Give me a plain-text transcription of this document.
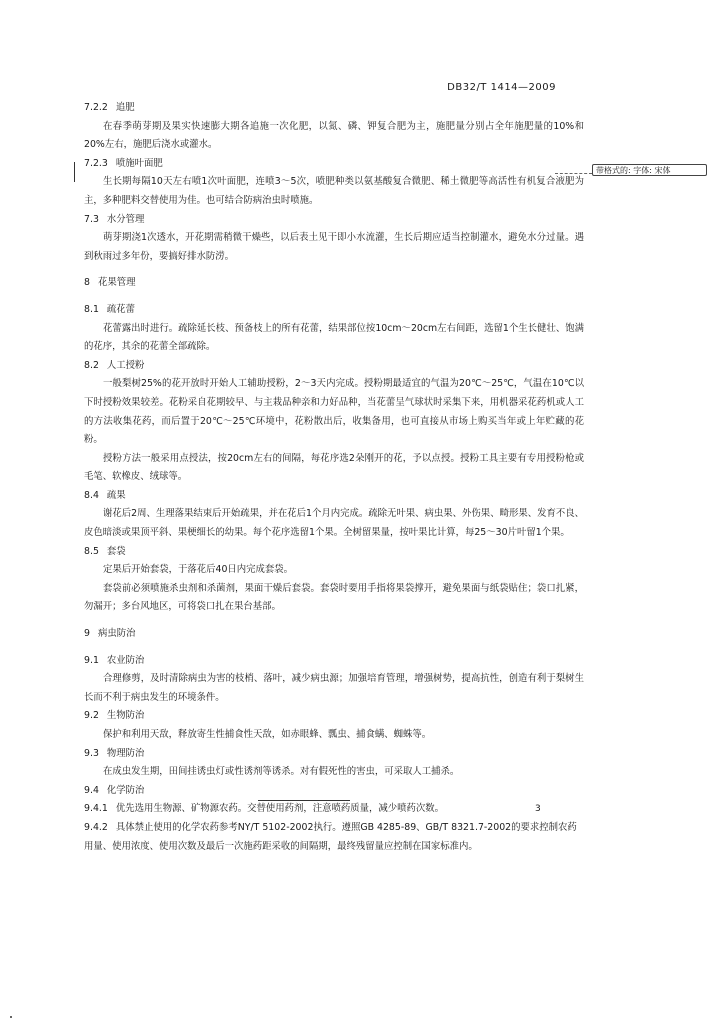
DB32/T 1414—2009
带格式的: 字体: 宋体
7.2.2 追肥
在春季萌芽期及果实快速膨大期各追施一次化肥，以氮、磷、钾复合肥为主，施肥量分别占全年施肥量的10%和20%左右，施肥后浇水或灌水。
7.2.3 喷施叶面肥
生长期每隔10天左右喷1次叶面肥，连喷3～5次，喷肥种类以氨基酸复合微肥、稀土微肥等高活性有机复合液肥为主，多种肥料交替使用为佳。也可结合防病治虫时喷施。
7.3 水分管理
萌芽期浇1次透水，开花期需稍微干燥些，以后表土见干即小水流灌，生长后期应适当控制灌水，避免水分过量。遇到秋雨过多年份，要搞好排水防涝。
8 花果管理
8.1 疏花蕾
花蕾露出时进行。疏除延长枝、预备枝上的所有花蕾，结果部位按10cm～20cm左右间距，选留1个生长健壮、饱满的花序，其余的花蕾全部疏除。
8.2 人工授粉
一般梨树25%的花开放时开始人工辅助授粉，2～3天内完成。授粉期最适宜的气温为20℃～25℃，气温在10℃以下时授粉效果较差。花粉采自花期较早、与主栽品种亲和力好品种，当花蕾呈气球状时采集下来，用机器采花药机或人工的方法收集花药，而后置于20℃～25℃环境中，花粉散出后，收集备用，也可直接从市场上购买当年或上年贮藏的花粉。
授粉方法一般采用点授法，按20cm左右的间隔，每花序选2朵刚开的花，予以点授。授粉工具主要有专用授粉枪或毛笔、软橡皮、绒球等。
8.4 疏果
谢花后2周、生理落果结束后开始疏果，并在花后1个月内完成。疏除无叶果、病虫果、外伤果、畸形果、发育不良、皮色暗淡或果顶平斜、果梗细长的幼果。每个花序选留1个果。全树留果量，按叶果比计算，每25～30片叶留1个果。
8.5 套袋
定果后开始套袋，于落花后40日内完成套袋。
套袋前必须喷施杀虫剂和杀菌剂，果面干燥后套袋。套袋时要用手指将果袋撑开，避免果面与纸袋贴住；袋口扎紧，勿漏开；多台风地区，可将袋口扎在果台基部。
9 病虫防治
9.1 农业防治
合理修剪，及时清除病虫为害的枝梢、落叶，减少病虫源；加强培育管理，增强树势，提高抗性，创造有利于梨树生长而不利于病虫发生的环境条件。
9.2 生物防治
保护和利用天敌，释放寄生性捕食性天敌，如赤眼蜂、瓢虫、捕食螨、蜘蛛等。
9.3 物理防治
在成虫发生期，田间挂诱虫灯或性诱剂等诱杀。对有假死性的害虫，可采取人工捕杀。
9.4 化学防治
9.4.1 优先选用生物源、矿物源农药。交替使用药剂，注意喷药质量，减少喷药次数。
9.4.2 具体禁止使用的化学农药参考NY/T 5102-2002执行。遵照GB 4285-89、GB/T 8321.7-2002的要求控制农药用量、使用浓度、使用次数及最后一次施药距采收的间隔期，最终残留量应控制在国家标准内。
3
